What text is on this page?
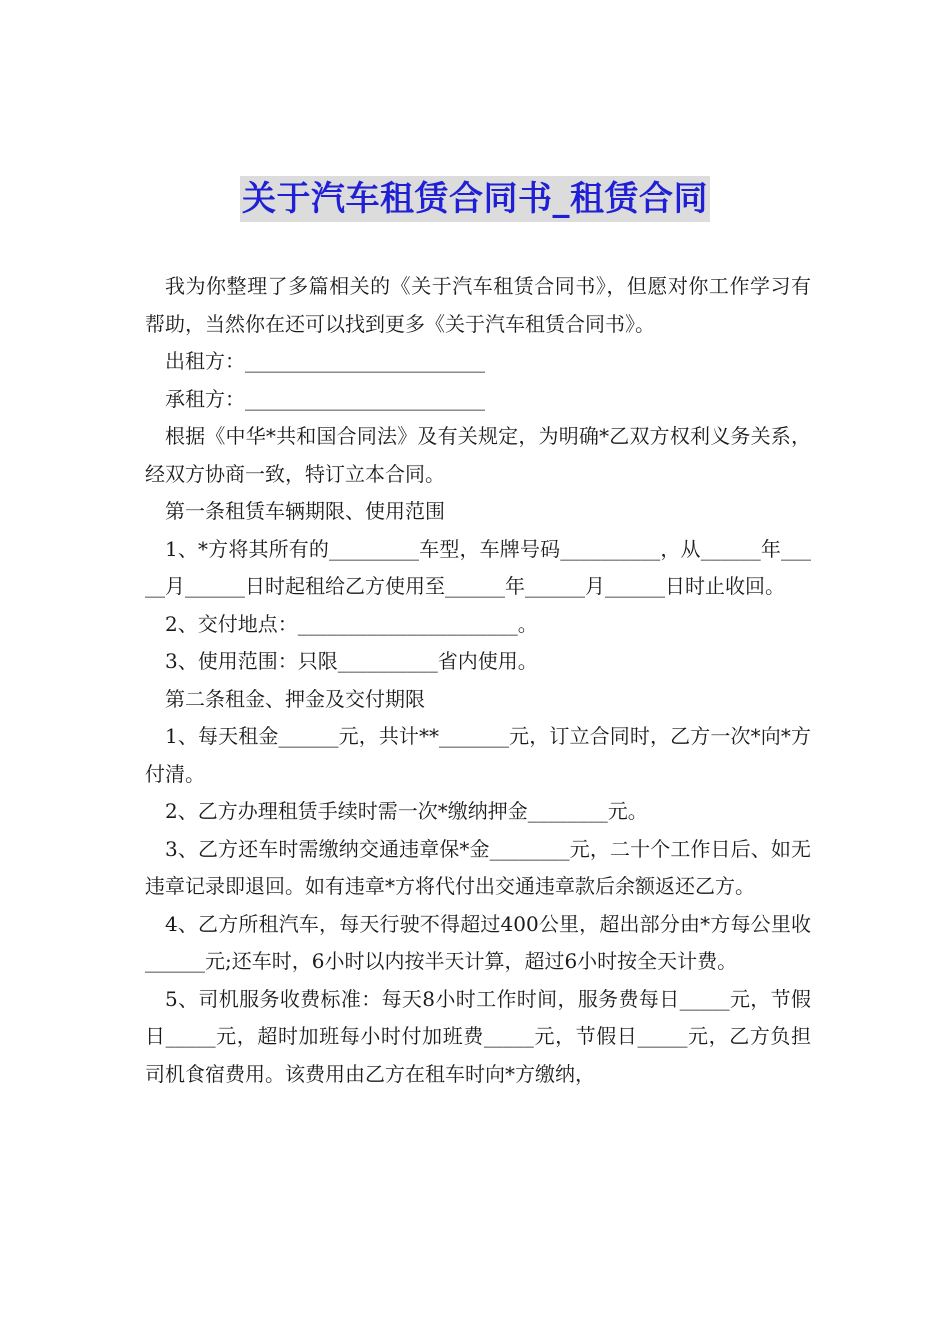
关于汽车租赁合同书_租赁合同

我为你整理了多篇相关的《关于汽车租赁合同书》，但愿对你工作学习有帮助，当然你在还可以找到更多《关于汽车租赁合同书》。

出租方：________________________

承租方：________________________

根据《中华*共和国合同法》及有关规定，为明确*乙双方权利义务关系，经双方协商一致，特订立本合同。

第一条租赁车辆期限、使用范围

1、*方将其所有的_________车型，车牌号码__________，从______年_____月______日时起租给乙方使用至______年______月______日时止收回。

2、交付地点：______________________。

3、使用范围：只限__________省内使用。

第二条租金、押金及交付期限

1、每天租金______元，共计**_______元，订立合同时，乙方一次*向*方付清。

2、乙方办理租赁手续时需一次*缴纳押金________元。

3、乙方还车时需缴纳交通违章保*金________元，二十个工作日后、如无违章记录即退回。如有违章*方将代付出交通违章款后余额返还乙方。

4、乙方所租汽车，每天行驶不得超过400公里，超出部分由*方每公里收______元;还车时，6小时以内按半天计算，超过6小时按全天计费。

5、司机服务收费标准：每天8小时工作时间，服务费每日_____元，节假日_____元，超时加班每小时付加班费_____元，节假日_____元，乙方负担司机食宿费用。该费用由乙方在租车时向*方缴纳，
